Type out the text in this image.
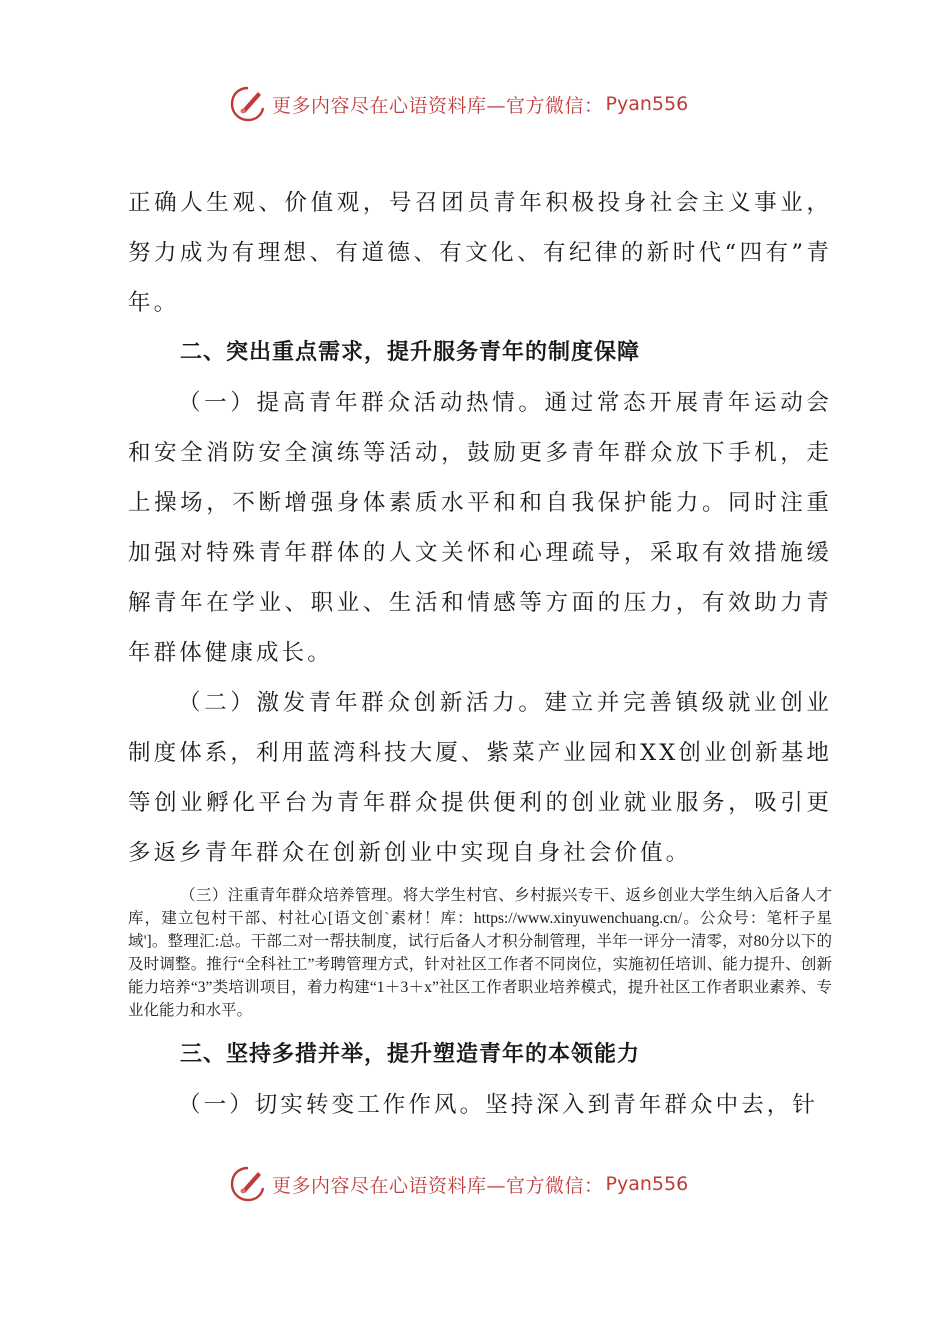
更多内容尽在心语资料库—官方微信： Pyan556

正确人生观、价值观，号召团员青年积极投身社会主义事业，努力成为有理想、有道德、有文化、有纪律的新时代“四有”青年。

二、突出重点需求，提升服务青年的制度保障

（一）提高青年群众活动热情。通过常态开展青年运动会和安全消防安全演练等活动，鼓励更多青年群众放下手机，走上操场，不断增强身体素质水平和和自我保护能力。同时注重加强对特殊青年群体的人文关怀和心理疏导，采取有效措施缓解青年在学业、职业、生活和情感等方面的压力，有效助力青年群体健康成长。

（二）激发青年群众创新活力。建立并完善镇级就业创业制度体系，利用蓝湾科技大厦、紫菜产业园和XX创业创新基地等创业孵化平台为青年群众提供便利的创业就业服务，吸引更多返乡青年群众在创新创业中实现自身社会价值。

（三）注重青年群众培养管理。将大学生村官、乡村振兴专干、返乡创业大学生纳入后备人才库，建立包村干部、村社心[语文创`素材！库：https://www.xinyuwenchuang.cn/。公众号：笔杆子星域']。整理汇:总。干部二对一帮扶制度，试行后备人才积分制管理，半年一评分一清零，对80分以下的及时调整。推行“全科社工”考聘管理方式，针对社区工作者不同岗位，实施初任培训、能力提升、创新能力培养“3”类培训项目，着力构建“1＋3＋x”社区工作者职业培养模式，提升社区工作者职业素养、专业化能力和水平。

三、坚持多措并举，提升塑造青年的本领能力

（一）切实转变工作作风。坚持深入到青年群众中去，针

更多内容尽在心语资料库—官方微信： Pyan556
